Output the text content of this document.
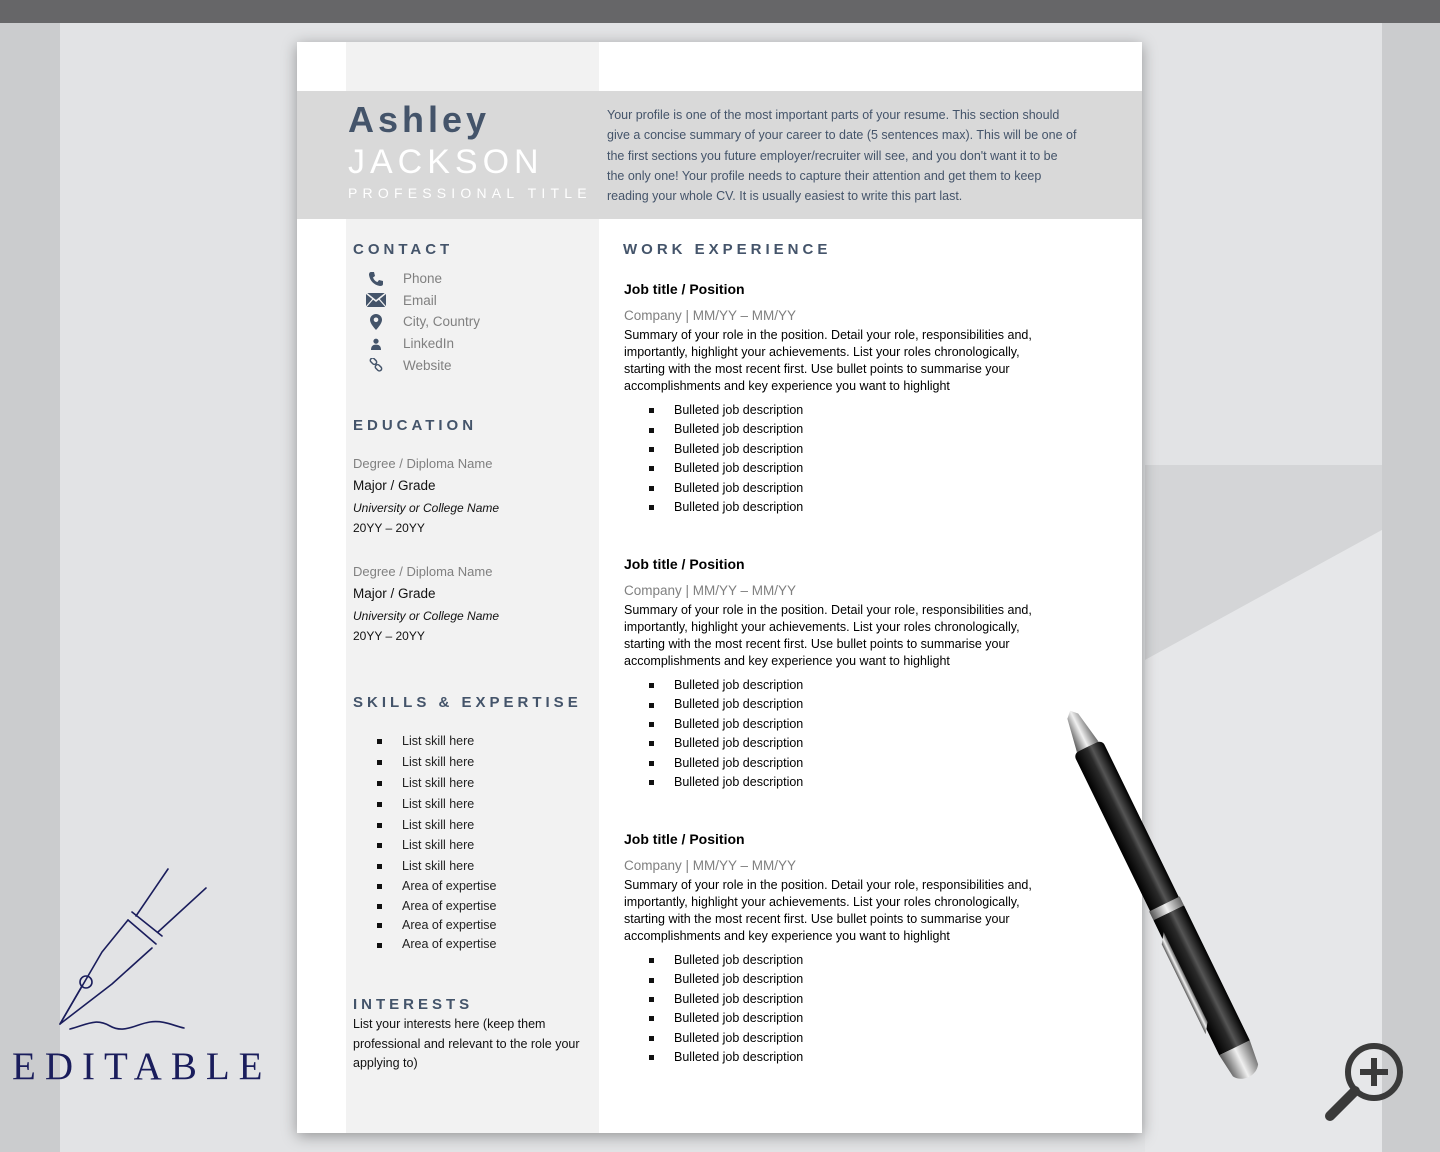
Ashley
JACKSON
PROFESSIONAL TITLE
Your profile is one of the most important parts of your resume. This section should give a concise summary of your career to date (5 sentences max). This will be one of the first sections you future employer/recruiter will see, and you don't want it to be the only one! Your profile needs to capture their attention and get them to keep reading your whole CV. It is usually easiest to write this part last.
CONTACT
Phone
Email
City, Country
LinkedIn
Website
EDUCATION
Degree / Diploma Name
Major / Grade
University or College Name
20YY – 20YY
Degree / Diploma Name
Major / Grade
University or College Name
20YY – 20YY
SKILLS & EXPERTISE
List skill here
List skill here
List skill here
List skill here
List skill here
List skill here
List skill here
Area of expertise
Area of expertise
Area of expertise
Area of expertise
INTERESTS
List your interests here (keep them professional and relevant to the role your applying to)
WORK EXPERIENCE
Job title / Position
Company | MM/YY – MM/YY
Summary of your role in the position. Detail your role, responsibilities and, importantly, highlight your achievements. List your roles chronologically, starting with the most recent first. Use bullet points to summarise your accomplishments and key experience you want to highlight
Bulleted job description
Bulleted job description
Bulleted job description
Bulleted job description
Bulleted job description
Bulleted job description
Job title / Position
Company | MM/YY – MM/YY
Summary of your role in the position. Detail your role, responsibilities and, importantly, highlight your achievements. List your roles chronologically, starting with the most recent first. Use bullet points to summarise your accomplishments and key experience you want to highlight
Bulleted job description
Bulleted job description
Bulleted job description
Bulleted job description
Bulleted job description
Bulleted job description
Job title / Position
Company | MM/YY – MM/YY
Summary of your role in the position. Detail your role, responsibilities and, importantly, highlight your achievements. List your roles chronologically, starting with the most recent first. Use bullet points to summarise your accomplishments and key experience you want to highlight
Bulleted job description
Bulleted job description
Bulleted job description
Bulleted job description
Bulleted job description
Bulleted job description
EDITABLE
